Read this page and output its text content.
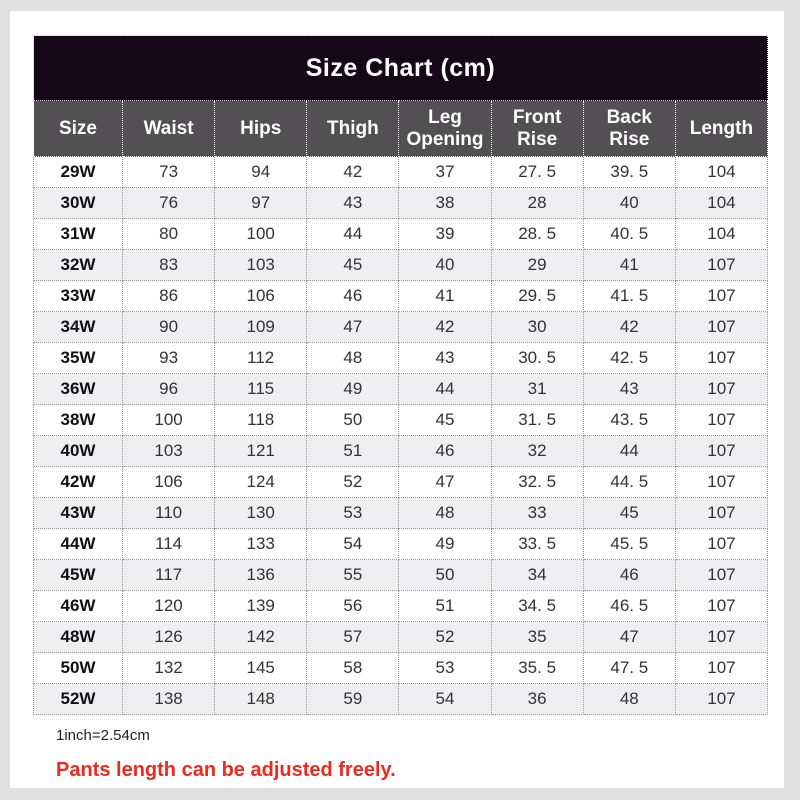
Size Chart (cm)							
Size	Waist	Hips	Thigh	Leg Opening	Front Rise	Back Rise	Length
29W	73	94	42	37	27. 5	39. 5	104
30W	76	97	43	38	28	40	104
31W	80	100	44	39	28. 5	40. 5	104
32W	83	103	45	40	29	41	107
33W	86	106	46	41	29. 5	41. 5	107
34W	90	109	47	42	30	42	107
35W	93	112	48	43	30. 5	42. 5	107
36W	96	115	49	44	31	43	107
38W	100	118	50	45	31. 5	43. 5	107
40W	103	121	51	46	32	44	107
42W	106	124	52	47	32. 5	44. 5	107
43W	110	130	53	48	33	45	107
44W	114	133	54	49	33. 5	45. 5	107
45W	117	136	55	50	34	46	107
46W	120	139	56	51	34. 5	46. 5	107
48W	126	142	57	52	35	47	107
50W	132	145	58	53	35. 5	47. 5	107
52W	138	148	59	54	36	48	107
1inch=2.54cm
Pants length can be adjusted freely.
